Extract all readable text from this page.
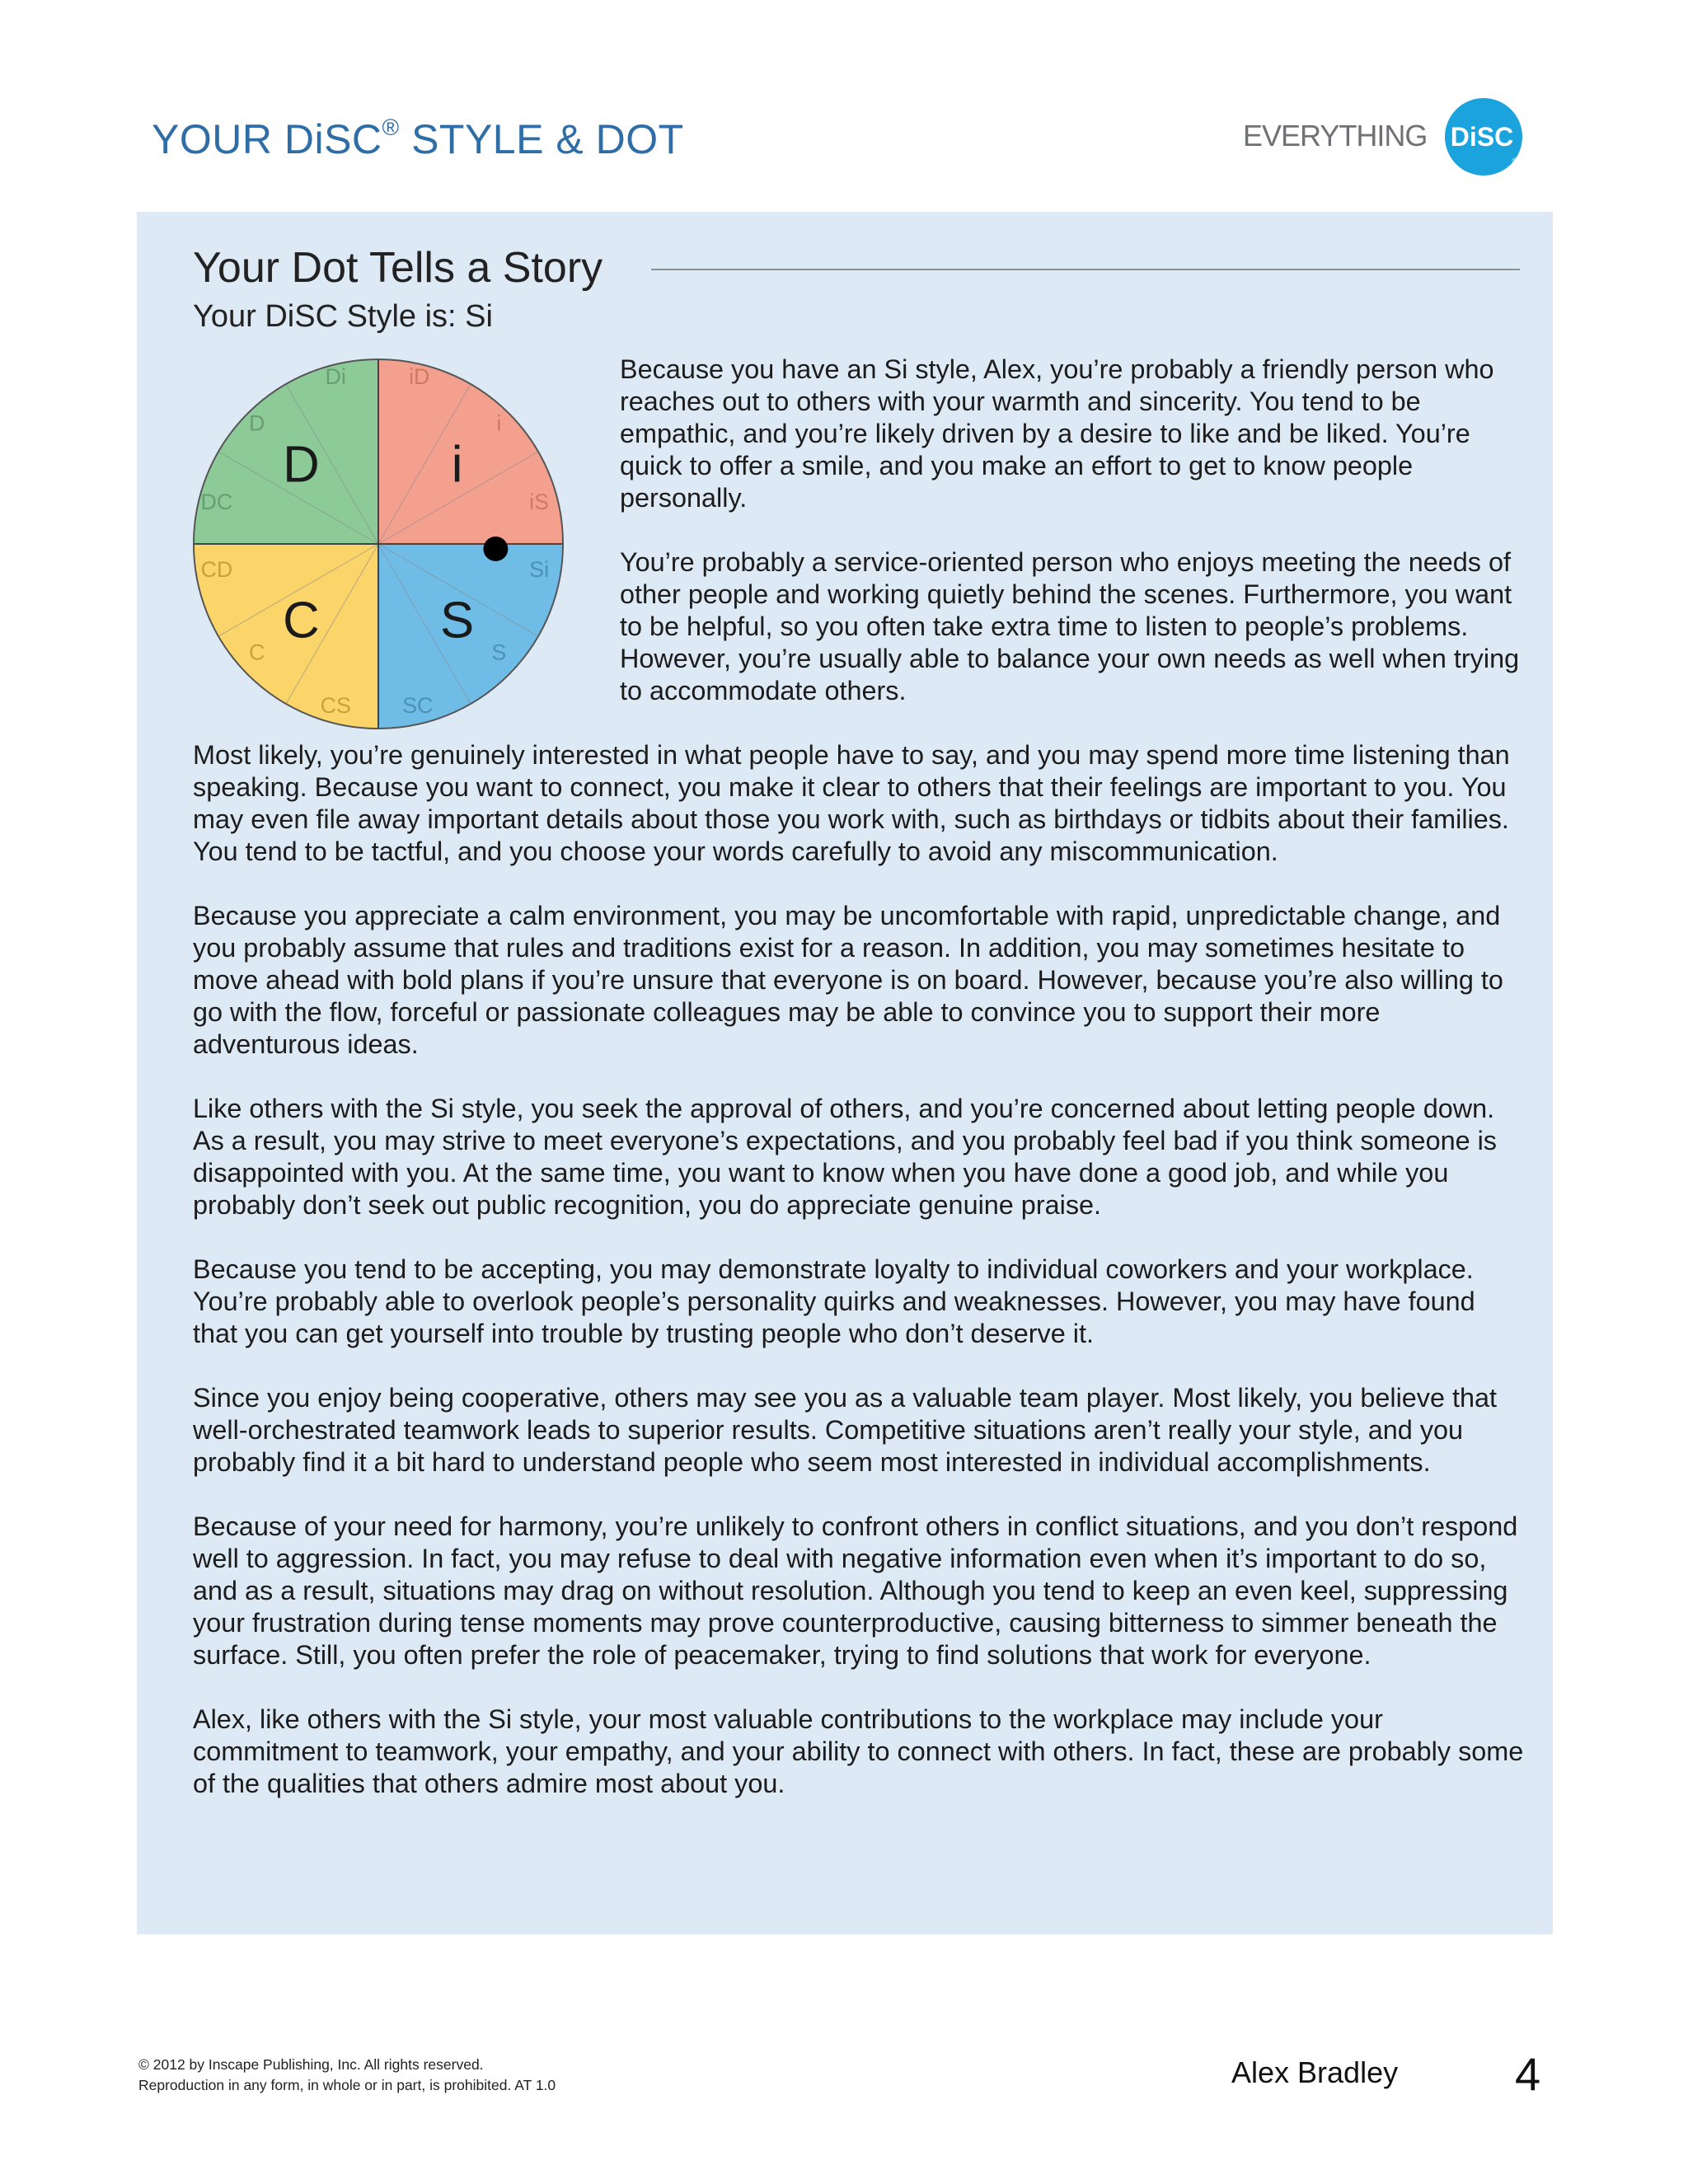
YOUR DiSC® STYLE & DOT	EVERYTHING DiSC
®
Your Dot Tells a Story
Your DiSC Style is: Si

Because you have an Si style, Alex, you’re probably a friendly person who reaches out to others with your warmth and sincerity. You tend to be empathic, and you’re likely driven by a desire to like and be liked. You’re quick to offer a smile, and you make an effort to get to know people personally.

You’re probably a service-oriented person who enjoys meeting the needs of other people and working quietly behind the scenes. Furthermore, you want to be helpful, so you often take extra time to listen to people’s problems. However, you’re usually able to balance your own needs as well when trying to accommodate others.

Most likely, you’re genuinely interested in what people have to say, and you may spend more time listening than speaking. Because you want to connect, you make it clear to others that their feelings are important to you. You may even file away important details about those you work with, such as birthdays or tidbits about their families. You tend to be tactful, and you choose your words carefully to avoid any miscommunication.

Because you appreciate a calm environment, you may be uncomfortable with rapid, unpredictable change, and you probably assume that rules and traditions exist for a reason. In addition, you may sometimes hesitate to move ahead with bold plans if you’re unsure that everyone is on board. However, because you’re also willing to go with the flow, forceful or passionate colleagues may be able to convince you to support their more adventurous ideas.

Like others with the Si style, you seek the approval of others, and you’re concerned about letting people down. As a result, you may strive to meet everyone’s expectations, and you probably feel bad if you think someone is disappointed with you. At the same time, you want to know when you have done a good job, and while you probably don’t seek out public recognition, you do appreciate genuine praise.

Because you tend to be accepting, you may demonstrate loyalty to individual coworkers and your workplace. You’re probably able to overlook people’s personality quirks and weaknesses. However, you may have found that you can get yourself into trouble by trusting people who don’t deserve it.

Since you enjoy being cooperative, others may see you as a valuable team player. Most likely, you believe that well-orchestrated teamwork leads to superior results. Competitive situations aren’t really your style, and you probably find it a bit hard to understand people who seem most interested in individual accomplishments.

Because of your need for harmony, you’re unlikely to confront others in conflict situations, and you don’t respond well to aggression. In fact, you may refuse to deal with negative information even when it’s important to do so, and as a result, situations may drag on without resolution. Although you tend to keep an even keel, suppressing your frustration during tense moments may prove counterproductive, causing bitterness to simmer beneath the surface. Still, you often prefer the role of peacemaker, trying to find solutions that work for everyone.

Alex, like others with the Si style, your most valuable contributions to the workplace may include your commitment to teamwork, your empathy, and your ability to connect with others. In fact, these are probably some of the qualities that others admire most about you.

D	i
S
C
Di	iD
i
iS
Si
S
SC
CS
C
CD
DC
D
© 2012 by Inscape Publishing, Inc. All rights reserved.
Reproduction in any form, in whole or in part, is prohibited. AT 1.0	Alex Bradley	4
